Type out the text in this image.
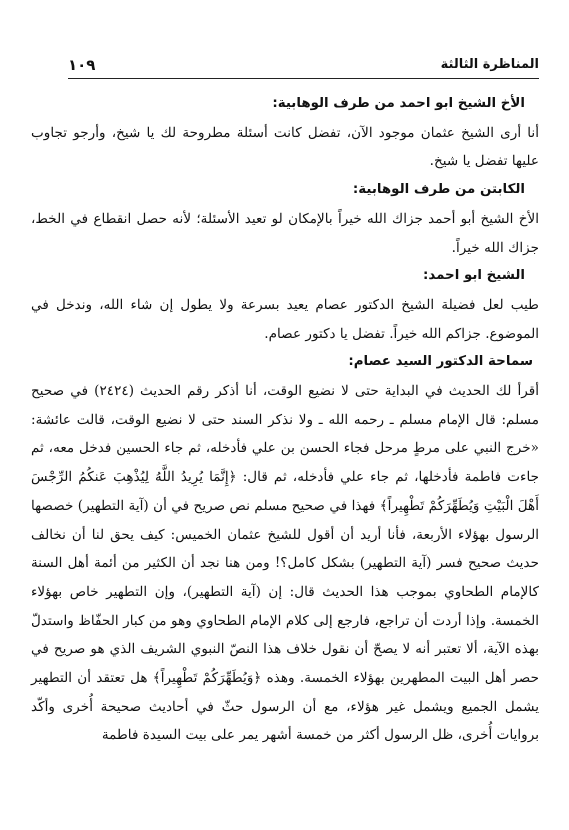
١٠٩	المناظرة الثالثة

الأخ الشيخ ابو احمد من طرف الوهابية:

أنا أرى الشيخ عثمان موجود الآن، تفضل كانت أسئلة مطروحة لك يا شيخ، وأرجو تجاوب عليها تفضل يا شيخ.

الكابتن من طرف الوهابية:

الأخ الشيخ أبو أحمد جزاك الله خيراً بالإمكان لو تعيد الأسئلة؛ لأنه حصل انقطاع في الخط، جزاك الله خيراً.

الشيخ ابو احمد:

طيب لعل فضيلة الشيخ الدكتور عصام يعيد بسرعة ولا يطول إن شاء الله، وندخل في الموضوع. جزاكم الله خيراً. تفضل يا دكتور عصام.

سماحة الدكتور السيد عصام:

أقرأ لك الحديث في البداية حتى لا نضيع الوقت، أنا أذكر رقم الحديث (٢٤٢٤) في صحيح مسلم: قال الإمام مسلم ـ رحمه الله ـ ولا نذكر السند حتى لا نضيع الوقت، قالت عائشة: «خرج النبي على مرطٍ مرحل فجاء الحسن بن علي فأدخله، ثم جاء الحسين فدخل معه، ثم جاءت فاطمة فأدخلها، ثم جاء علي فأدخله، ثم قال: ﴿إِنَّمَا يُرِيدُ اللَّهُ لِيُذْهِبَ عَنكُمُ الرِّجْسَ أَهْلَ الْبَيْتِ وَيُطَهِّرَكُمْ تَطْهِيراً﴾ فهذا في صحيح مسلم نص صريح في أن (آية التطهير) خصصها الرسول بهؤلاء الأربعة، فأنا أريد أن أقول للشيخ عثمان الخميس: كيف يحق لنا أن نخالف حديث صحيح فسر (آية التطهير) بشكل كامل؟! ومن هنا نجد أن الكثير من أئمة أهل السنة كالإمام الطحاوي بموجب هذا الحديث قال: إن (آية التطهير)، وإن التطهير خاص بهؤلاء الخمسة. وإذا أردت أن تراجع، فارجع إلى كلام الإمام الطحاوي وهو من كبار الحفّاظ واستدلّ بهذه الآية، ألا تعتبر أنه لا يصحّ أن نقول خلاف هذا النصّ النبوي الشريف الذي هو صريح في حصر أهل البيت المطهرين بهؤلاء الخمسة. وهذه ﴿وَيُطَهِّرَكُمْ تَطْهِيراً﴾ هل تعتقد أن التطهير يشمل الجميع ويشمل غير هؤلاء، مع أن الرسول حثّ في أحاديث صحيحة أُخرى وأكّد بروايات أُخرى، ظل الرسول أكثر من خمسة أشهر يمر على بيت السيدة فاطمة
